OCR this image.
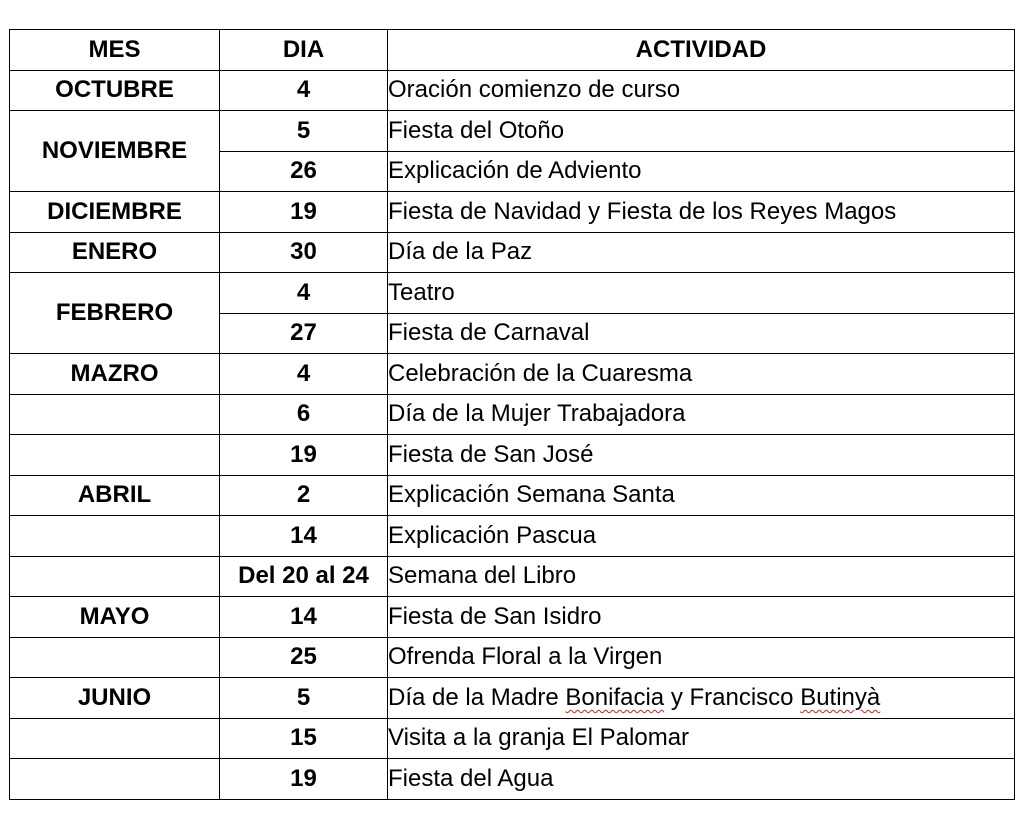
MES	DIA	ACTIVIDAD
OCTUBRE	4	Oración comienzo de curso
NOVIEMBRE	5	Fiesta del Otoño
	26	Explicación de Adviento
DICIEMBRE	19	Fiesta de Navidad y Fiesta de los Reyes Magos
ENERO	30	Día de la Paz
FEBRERO	4	Teatro
	27	Fiesta de Carnaval
MAZRO	4	Celebración de la Cuaresma
	6	Día de la Mujer Trabajadora
	19	Fiesta de San José
ABRIL	2	Explicación Semana Santa
	14	Explicación Pascua
	Del 20 al 24	Semana del Libro
MAYO	14	Fiesta de San Isidro
	25	Ofrenda Floral a la Virgen
JUNIO	5	Día de la Madre Bonifacia y Francisco Butinyà
	15	Visita a la granja El Palomar
	19	Fiesta del Agua
